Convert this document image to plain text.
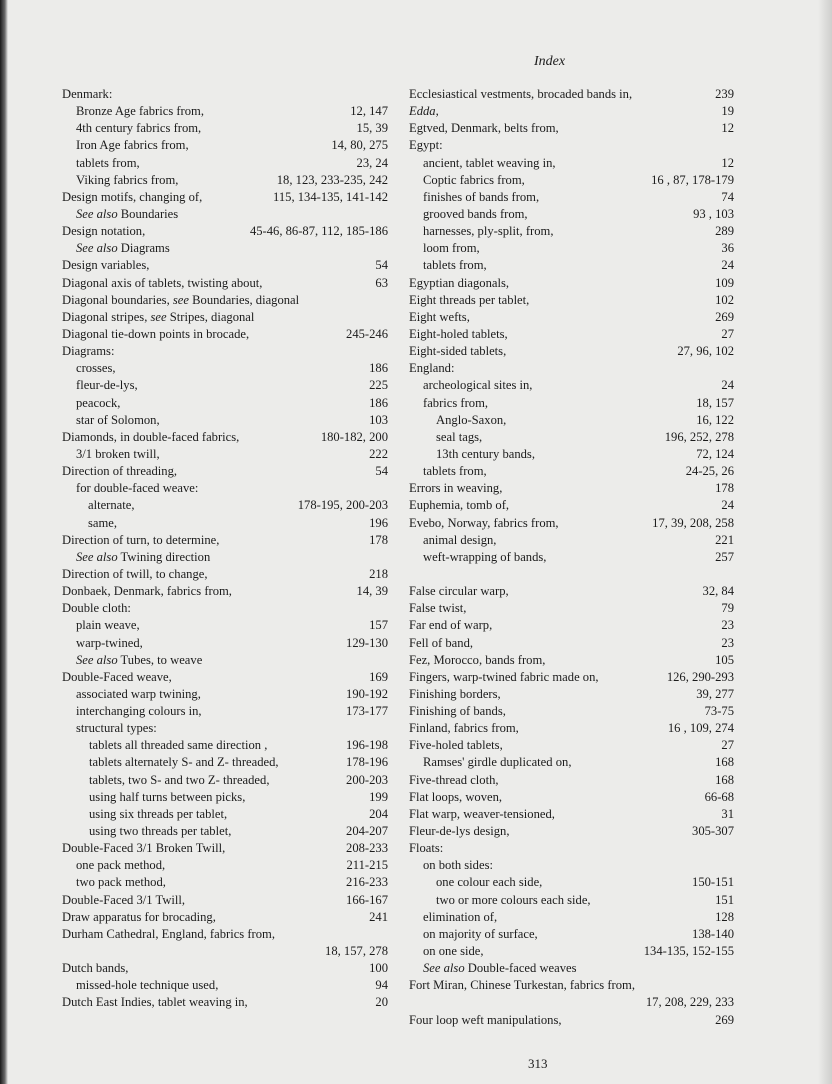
Index
Denmark:
Bronze Age fabrics from,	12, 147
4th century fabrics from,	15, 39
Iron Age fabrics from,	14, 80, 275
tablets from,	23, 24
Viking fabrics from,	18, 123, 233-235, 242
Design motifs, changing of,	115, 134-135, 141-142
See also Boundaries
Design notation,	45-46, 86-87, 112, 185-186
See also Diagrams
Design variables,	54
Diagonal axis of tablets, twisting about,	63
Diagonal boundaries, see Boundaries, diagonal
Diagonal stripes, see Stripes, diagonal
Diagonal tie-down points in brocade,	245-246
Diagrams:
crosses,	186
fleur-de-lys,	225
peacock,	186
star of Solomon,	103
Diamonds, in double-faced fabrics,	180-182, 200
3/1 broken twill,	222
Direction of threading,	54
for double-faced weave:
alternate,	178-195, 200-203
same,	196
Direction of turn, to determine,	178
See also Twining direction
Direction of twill, to change,	218
Donbaek, Denmark, fabrics from,	14, 39
Double cloth:
plain weave,	157
warp-twined,	129-130
See also Tubes, to weave
Double-Faced weave,	169
associated warp twining,	190-192
interchanging colours in,	173-177
structural types:
tablets all threaded same direction ,	196-198
tablets alternately S- and Z- threaded,	178-196
tablets, two S- and two Z- threaded,	200-203
using half turns between picks,	199
using six threads per tablet,	204
using two threads per tablet,	204-207
Double-Faced 3/1 Broken Twill,	208-233
one pack method,	211-215
two pack method,	216-233
Double-Faced 3/1 Twill,	166-167
Draw apparatus for brocading,	241
Durham Cathedral, England, fabrics from,
18, 157, 278
Dutch bands,	100
missed-hole technique used,	94
Dutch East Indies, tablet weaving in,	20
Ecclesiastical vestments, brocaded bands in,	239
Edda,	19
Egtved, Denmark, belts from,	12
Egypt:
ancient, tablet weaving in,	12
Coptic fabrics from,	16 , 87, 178-179
finishes of bands from,	74
grooved bands from,	93 , 103
harnesses, ply-split, from,	289
loom from,	36
tablets from,	24
Egyptian diagonals,	109
Eight threads per tablet,	102
Eight wefts,	269
Eight-holed tablets,	27
Eight-sided tablets,	27, 96, 102
England:
archeological sites in,	24
fabrics from,	18, 157
Anglo-Saxon,	16, 122
seal tags,	196, 252, 278
13th century bands,	72, 124
tablets from,	24-25, 26
Errors in weaving,	178
Euphemia, tomb of,	24
Evebo, Norway, fabrics from,	17, 39, 208, 258
animal design,	221
weft-wrapping of bands,	257
False circular warp,	32, 84
False twist,	79
Far end of warp,	23
Fell of band,	23
Fez, Morocco, bands from,	105
Fingers, warp-twined fabric made on,	126, 290-293
Finishing borders,	39, 277
Finishing of bands,	73-75
Finland, fabrics from,	16 , 109, 274
Five-holed tablets,	27
Ramses' girdle duplicated on,	168
Five-thread cloth,	168
Flat loops, woven,	66-68
Flat warp, weaver-tensioned,	31
Fleur-de-lys design,	305-307
Floats:
on both sides:
one colour each side,	150-151
two or more colours each side,	151
elimination of,	128
on majority of surface,	138-140
on one side,	134-135, 152-155
See also Double-faced weaves
Fort Miran, Chinese Turkestan, fabrics from,
17, 208, 229, 233
Four loop weft manipulations,	269
313
